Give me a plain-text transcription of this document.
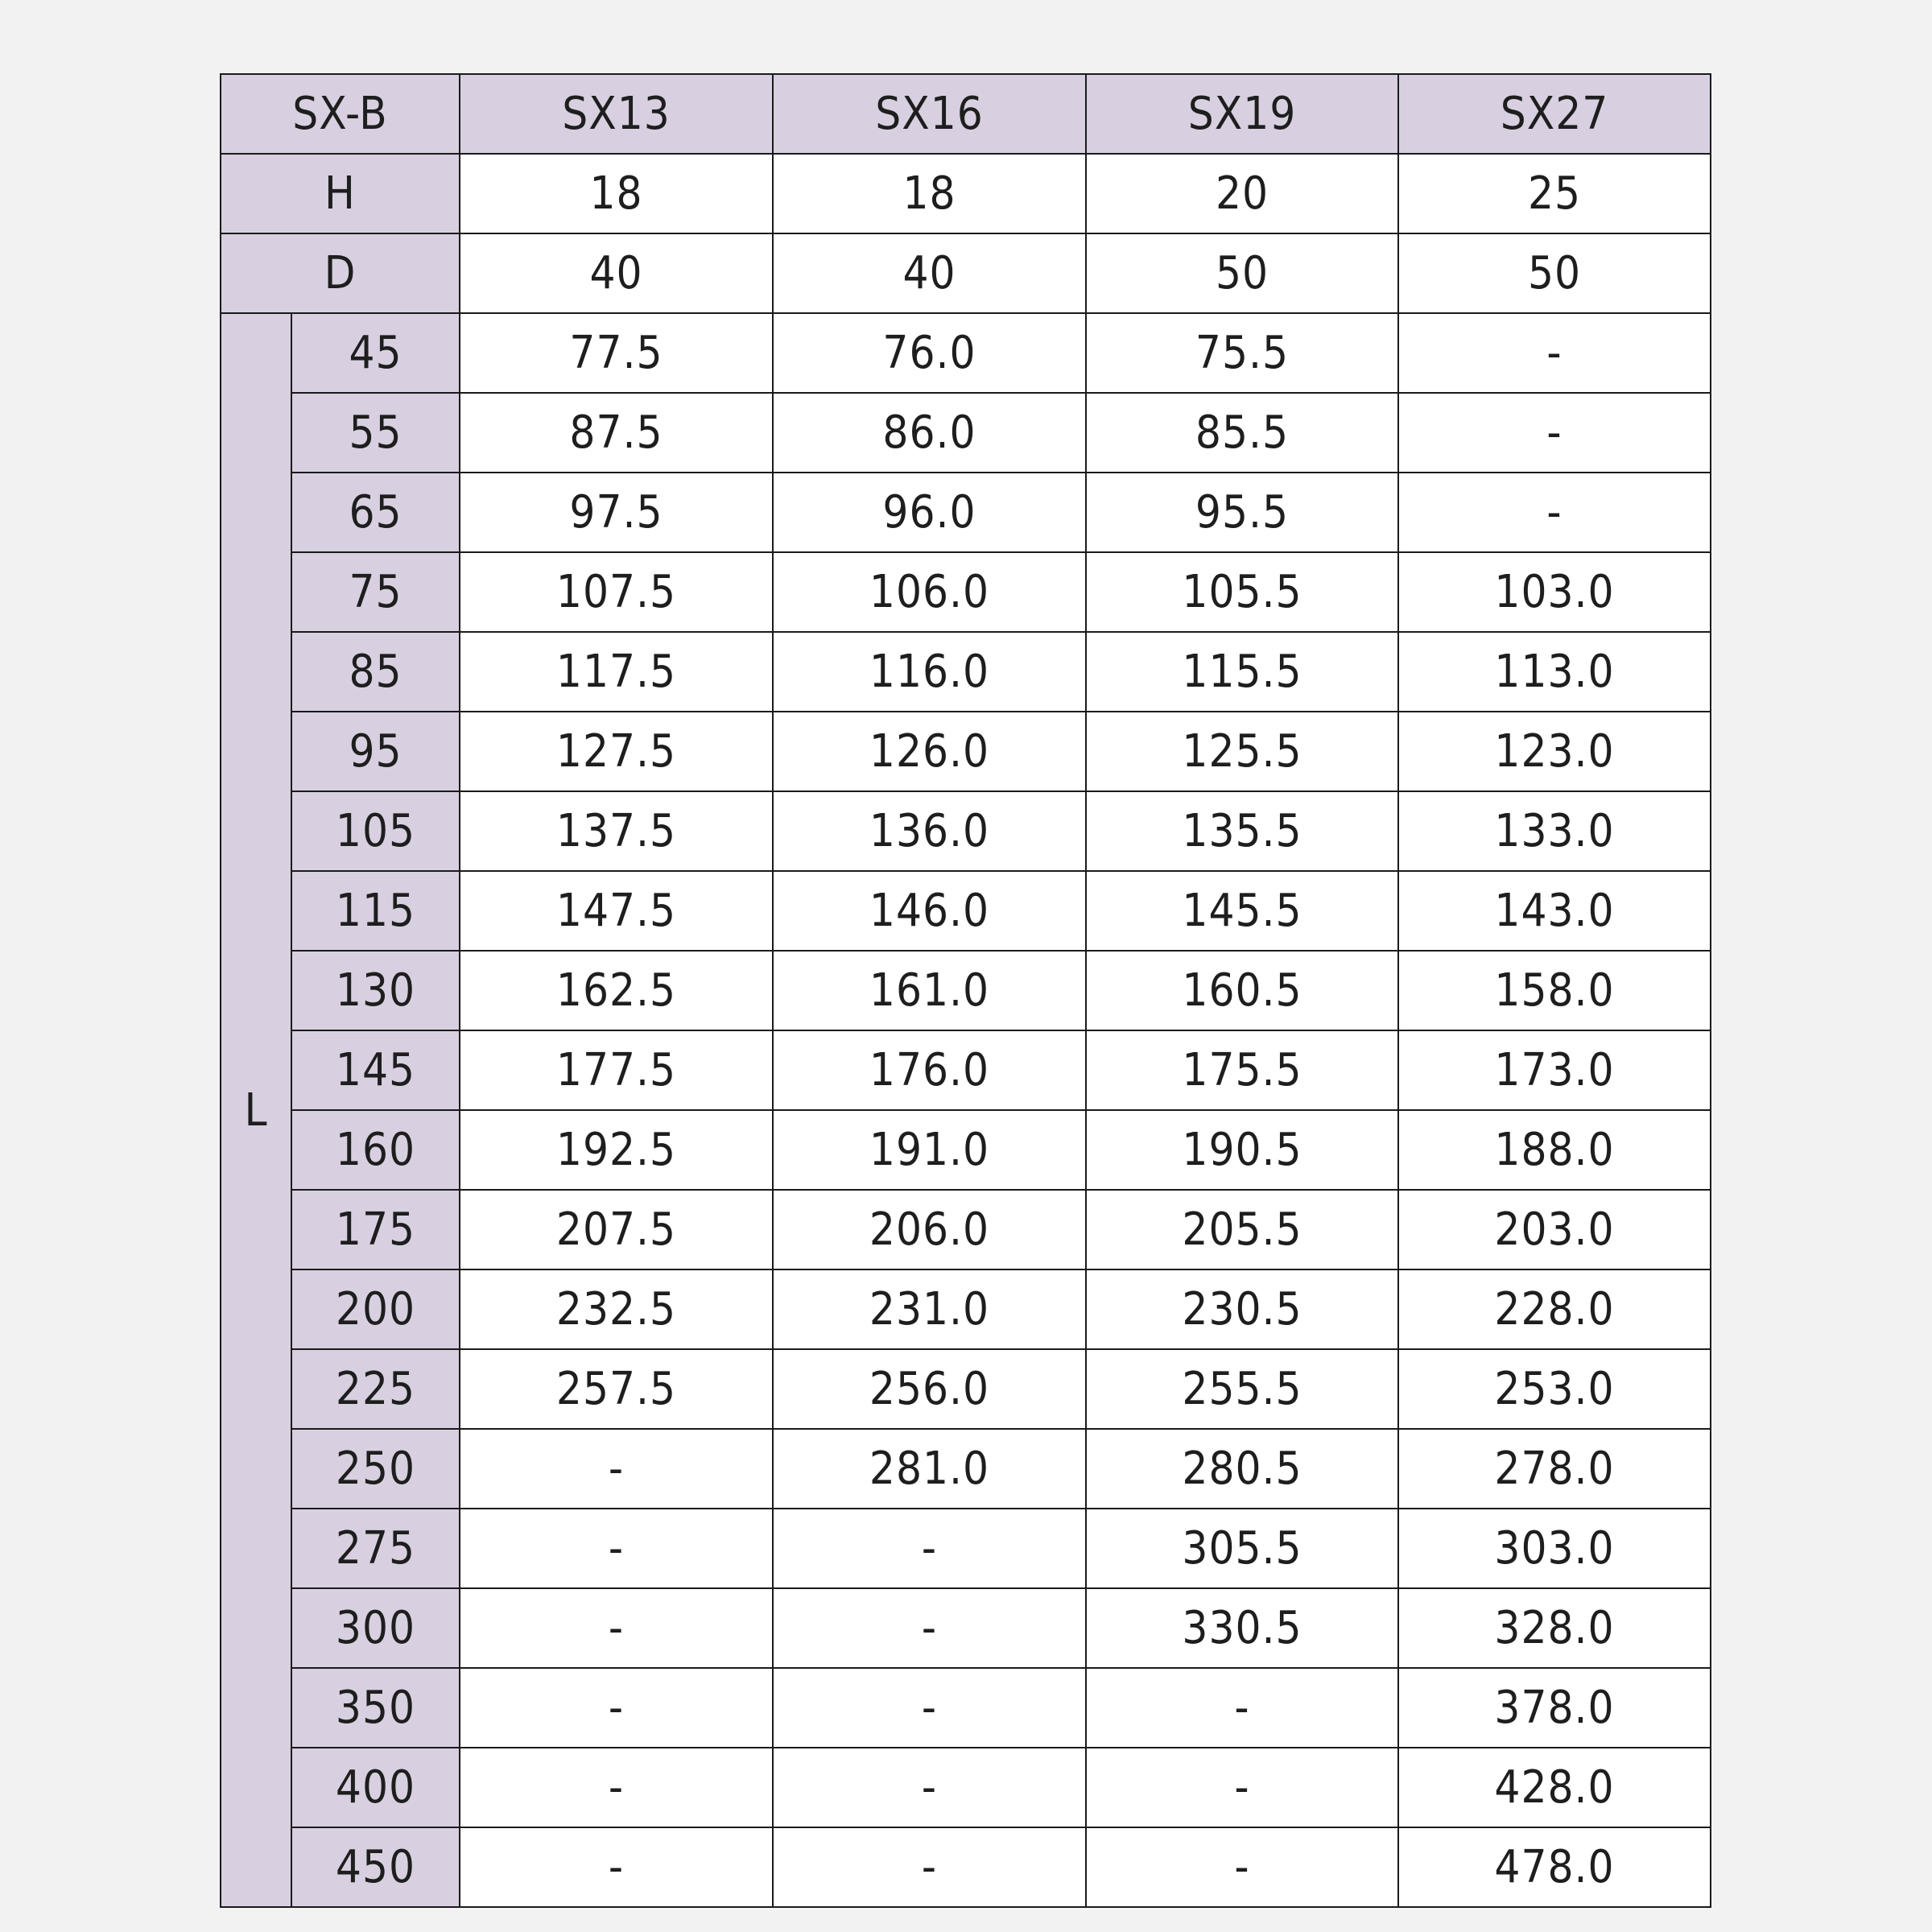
SX-B		SX13	SX16	SX19	SX27
H		18	18	20	25
D		40	40	50	50
L	45	77.5	76.0	75.5	-
	55	87.5	86.0	85.5	-
	65	97.5	96.0	95.5	-
	75	107.5	106.0	105.5	103.0
	85	117.5	116.0	115.5	113.0
	95	127.5	126.0	125.5	123.0
	105	137.5	136.0	135.5	133.0
	115	147.5	146.0	145.5	143.0
	130	162.5	161.0	160.5	158.0
	145	177.5	176.0	175.5	173.0
	160	192.5	191.0	190.5	188.0
	175	207.5	206.0	205.5	203.0
	200	232.5	231.0	230.5	228.0
	225	257.5	256.0	255.5	253.0
	250	-	281.0	280.5	278.0
	275	-	-	305.5	303.0
	300	-	-	330.5	328.0
	350	-	-	-	378.0
	400	-	-	-	428.0
	450	-	-	-	478.0
